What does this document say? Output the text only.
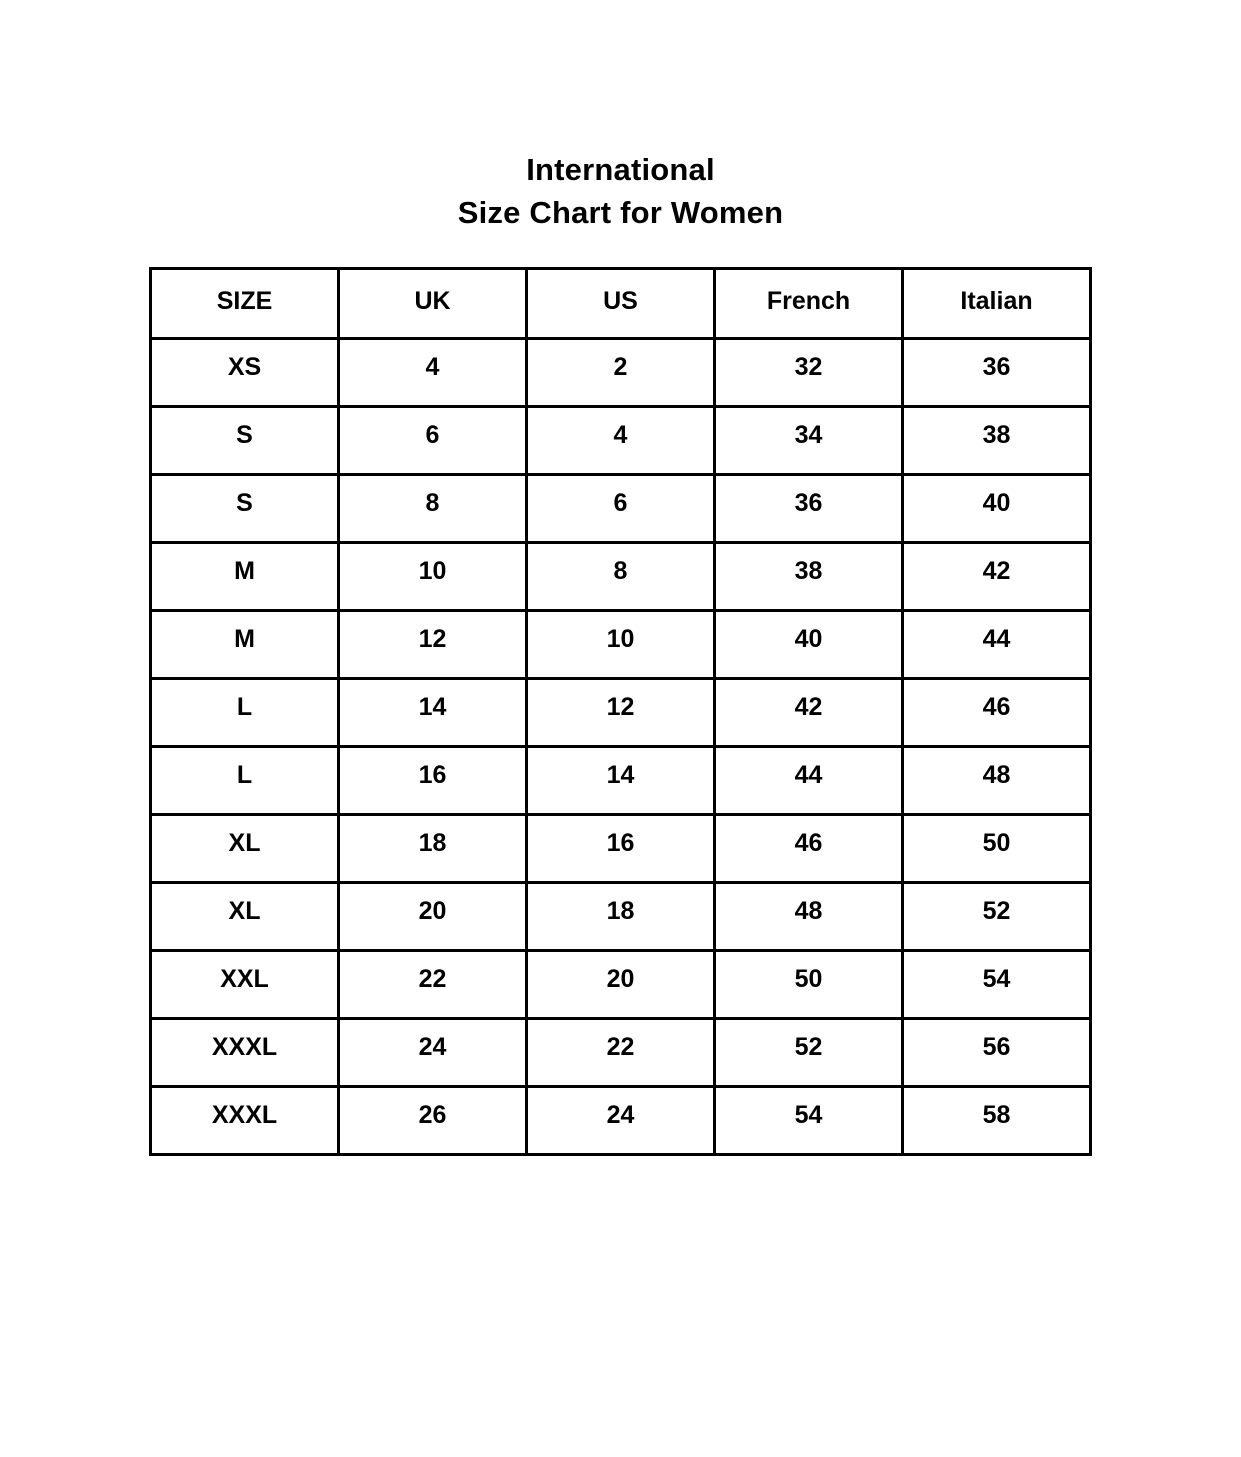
International
Size Chart for Women
SIZE	UK	US	French	Italian
XS	4	2	32	36
S	6	4	34	38
S	8	6	36	40
M	10	8	38	42
M	12	10	40	44
L	14	12	42	46
L	16	14	44	48
XL	18	16	46	50
XL	20	18	48	52
XXL	22	20	50	54
XXXL	24	22	52	56
XXXL	26	24	54	58
